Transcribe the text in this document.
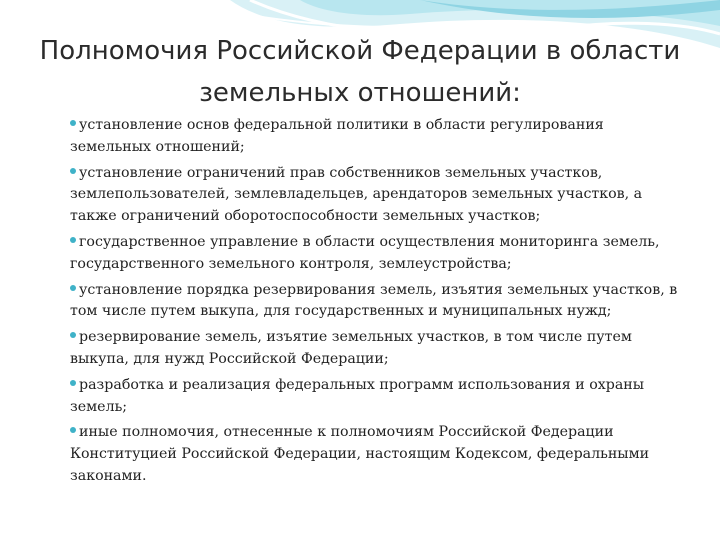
Полномочия Российской Федерации в области земельных отношений:
установление основ федеральной политики в области регулирования земельных отношений;
установление ограничений прав собственников земельных участков, землепользователей, землевладельцев, арендаторов земельных участков, а также ограничений оборотоспособности земельных участков;
государственное управление в области осуществления мониторинга земель, государственного земельного контроля, землеустройства;
установление порядка резервирования земель, изъятия земельных участков, в том числе путем выкупа, для государственных и муниципальных нужд;
резервирование земель, изъятие земельных участков, в том числе путем выкупа, для нужд Российской Федерации;
разработка и реализация федеральных программ использования и охраны земель;
иные полномочия, отнесенные к полномочиям Российской Федерации Конституцией Российской Федерации, настоящим Кодексом, федеральными законами.
